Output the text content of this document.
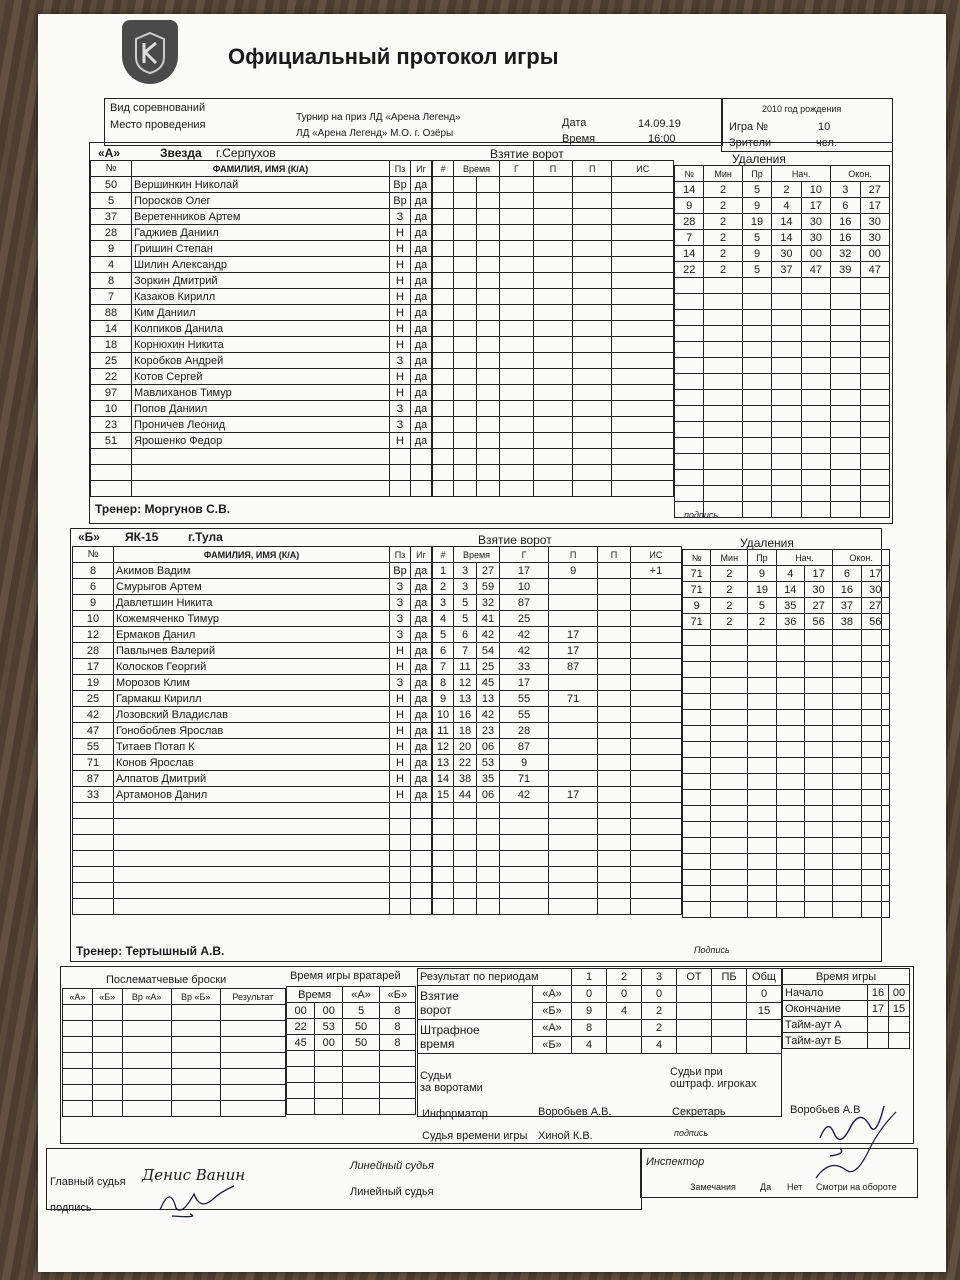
Официальный протокол игры
Вид соревнований
Место проведения
Турнир на приз ЛД «Арена Легенд»
ЛД «Арена Легенд» М.О. г. Озёры
Дата	14.09.19
Время	16:00
2010 год рождения
Игра №	10
Зрители	чел.
«А»	Звезда г.Серпухов	Взятие ворот	Удаления
№	ФАМИЛИЯ, ИМЯ (К/А)	Пз	Иг
50	Вершинкин Николай	Вр	да
5	Пороскoв Олег	Вр	да
37	Веретенников Артем	З	да
28	Гаджиев Даниил	Н	да
9	Гришин Степан	Н	да
4	Шилин Александр	Н	да
8	Зоркин Дмитрий	Н	да
7	Казаков Кирилл	Н	да
88	Ким Даниил	Н	да
14	Колпиков Данила	Н	да
18	Корнюхин Никита	Н	да
25	Коробков Андрей	З	да
22	Котов Сергей	Н	да
97	Мавлиханов Тимур	Н	да
10	Попов Даниил	З	да
23	Проничев Леонид	З	да
51	Ярошенко Федор	Н	да

#	Время		Г	П	П	ИС

							№	Мин	Пр	Нач.		Окон.	
14	2	5	2	10	3	27
9	2	9	4	17	6	17
28	2	19	14	30	16	30
7	2	5	14	30	16	30
14	2	9	30	00	32	00
22	2	5	37	47	39	47

Тренер: Моргунов С.В.	подпись
«Б» ЯК-15 г.Тула	Взятие ворот	Удаления
№	ФАМИЛИЯ, ИМЯ (К/А)	Пз	Иг
8	Акимов Вадим	Вр	да
6	Смурыгов Артем	З	да
9	Давлетшин Никита	З	да
10	Кожемяченко Тимур	З	да
12	Ермаков Данил	З	да
28	Павлычев Валерий	Н	да
17	Колосков Георгий	Н	да
19	Морозов Клим	З	да
25	Гармакш Кирилл	Н	да
42	Лозовский Владислав	Н	да
47	Гонобоблев Ярослав	Н	да
55	Титаев Потап К	Н	да
71	Конов Ярослав	Н	да
87	Алпатов Дмитрий	Н	да
33	Артамонов Данил	Н	да

#	Время		Г	П	П	ИС
1	3	27	17	9		+1
2	3	59	10			
3	5	32	87			
4	5	41	25			
5	6	42	42	17		
6	7	54	42	17		
7	11	25	33	87		
8	12	45	17			
9	13	13	55	71		
10	16	42	55			
11	18	23	28			
12	20	06	87			
13	22	53	9			
14	38	35	71			
15	44	06	42	17		

№	Мин	Пр	Нач.		Окон.	
71	2	9	4	17	6	17
71	2	19	14	30	16	30
9	2	5	35	27	37	27
71	2	2	36	56	38	56

Тренер: Тертышный А.В.	Подпись
Послематчевые броски
«А»	«Б»	Вр «А»	Вр «Б»	Результат

Время игры вратарей
Время		«А»	«Б»
00	00	5	8
22	53	50	8
45	00	50	8

Результат по периодам		1	2	3	ОТ	ПБ	Общ
Взятие
ворот	«А»	0	0	0			0
	«Б»	9	4	2			15
Штрафное
время	«А»	8		2			
	«Б»	4		4			

Время игры		
Начало	16	00
Окончание	17	15
Тайм-аут А		
Тайм-аут Б		
Судьи
за воротами
Судьи при
оштраф. игроках
Информатор	Воробьев А.В.	Секретарь	Воробьев А.В
Судья времени игры Хиной К.В.	подпись
Главный судья Денис Ванин
подпись
Линейный судья
Линейный судья
Инспектор
Замечания	Да Нет Смотри на обороте
